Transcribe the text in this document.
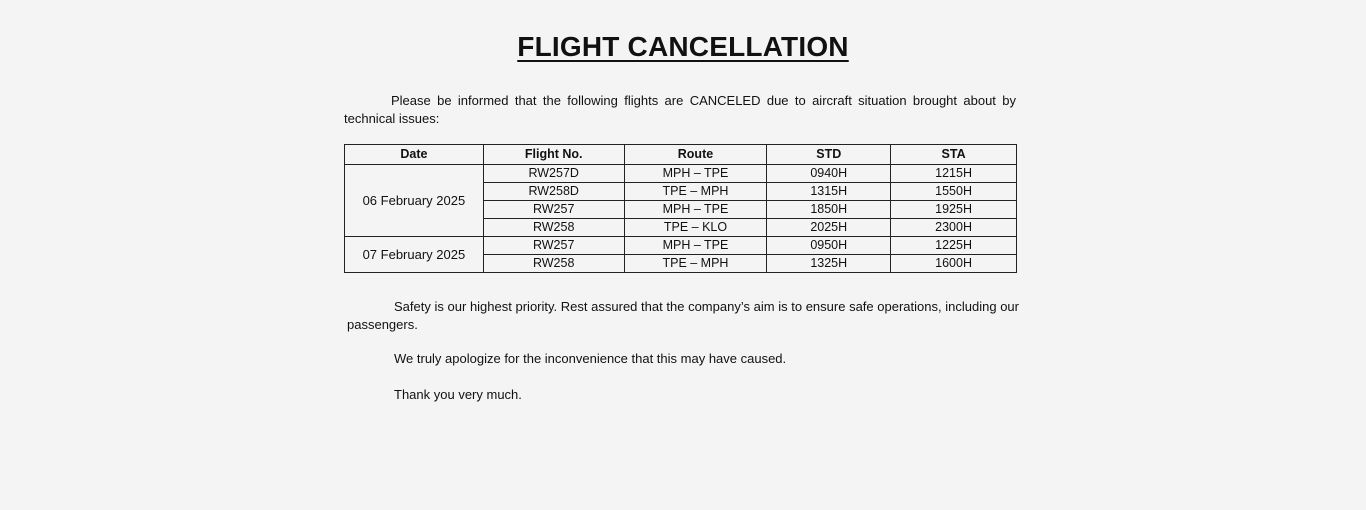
FLIGHT CANCELLATION

Please be informed that the following flights are CANCELED due to aircraft situation brought about by technical issues:

Date	Flight No.	Route	STD	STA
06 February 2025	RW257D	MPH – TPE	0940H	1215H
	RW258D	TPE – MPH	1315H	1550H
	RW257	MPH – TPE	1850H	1925H
	RW258	TPE – KLO	2025H	2300H
07 February 2025	RW257	MPH – TPE	0950H	1225H
	RW258	TPE – MPH	1325H	1600H

Safety is our highest priority. Rest assured that the company’s aim is to ensure safe operations, including our passengers.

We truly apologize for the inconvenience that this may have caused.

Thank you very much.
